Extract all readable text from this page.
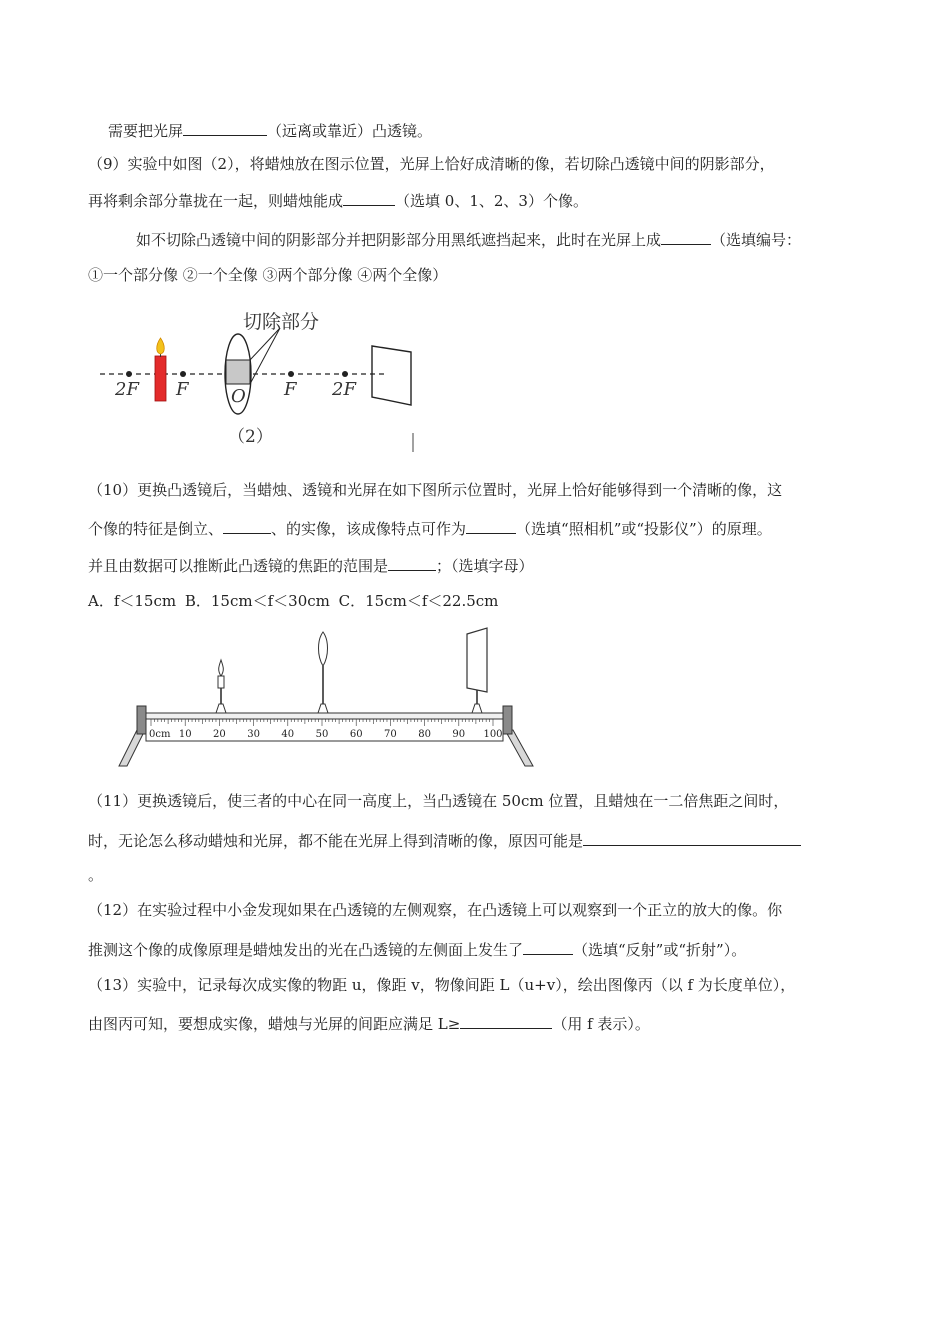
需要把光屏	（远离或靠近）凸透镜。
（9）实验中如图（2），将蜡烛放在图示位置，光屏上恰好成清晰的像，若切除凸透镜中间的阴影部分，
再将剩余部分靠拢在一起，则蜡烛能成	（选填 0、1、2、3）个像。
如不切除凸透镜中间的阴影部分并把阴影部分用黑纸遮挡起来，此时在光屏上成	（选填编号：
①一个部分像 ②一个全像 ③两个部分像 ④两个全像）
切除部分
2F F O F 2F
（2）
（10）更换凸透镜后，当蜡烛、透镜和光屏在如下图所示位置时，光屏上恰好能够得到一个清晰的像，这
个像的特征是倒立、	、的实像，该成像特点可作为	（选填“照相机”或“投影仪”）的原理。
并且由数据可以推断此凸透镜的焦距的范围是	；（选填字母）
A．f＜15cm B．15cm＜f＜30cm C．15cm＜f＜22.5cm
0cm 10 20 30 40 50 60 70 80 90 100
（11）更换透镜后，使三者的中心在同一高度上，当凸透镜在 50cm 位置，且蜡烛在一二倍焦距之间时，
时，无论怎么移动蜡烛和光屏，都不能在光屏上得到清晰的像，原因可能是
。
（12）在实验过程中小金发现如果在凸透镜的左侧观察，在凸透镜上可以观察到一个正立的放大的像。你
推测这个像的成像原理是蜡烛发出的光在凸透镜的左侧面上发生了	（选填“反射”或“折射”）。
（13）实验中，记录每次成实像的物距 u，像距 v，物像间距 L（u+v），绘出图像丙（以 f 为长度单位），
由图丙可知，要想成实像，蜡烛与光屏的间距应满足 L≥	（用 f 表示）。
